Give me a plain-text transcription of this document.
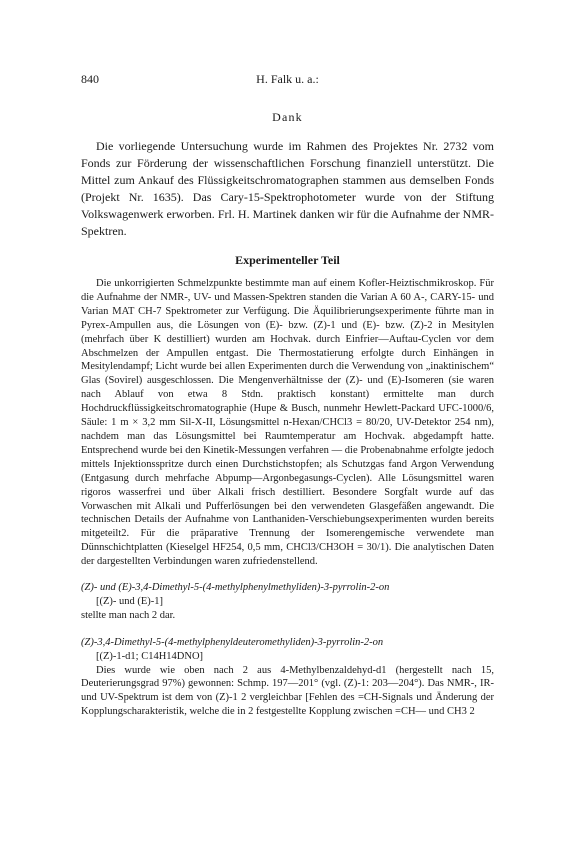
840	H. Falk u. a.:
Dank

Die vorliegende Untersuchung wurde im Rahmen des Projektes Nr. 2732 vom Fonds zur Förderung der wissenschaftlichen Forschung finanziell unterstützt. Die Mittel zum Ankauf des Flüssigkeitschromatographen stammen aus demselben Fonds (Projekt Nr. 1635). Das Cary-15-Spektrophotometer wurde von der Stiftung Volkswagenwerk erworben. Frl. H. Martinek danken wir für die Aufnahme der NMR-Spektren.

Experimenteller Teil

Die unkorrigierten Schmelzpunkte bestimmte man auf einem Kofler-Heiztischmikroskop. Für die Aufnahme der NMR-, UV- und Massen-Spektren standen die Varian A 60 A-, CARY-15- und Varian MAT CH-7 Spektrometer zur Verfügung. Die Äquilibrierungsexperimente führte man in Pyrex-Ampullen aus, die Lösungen von (E)- bzw. (Z)-1 und (E)- bzw. (Z)-2 in Mesitylen (mehrfach über K destilliert) wurden am Hochvak. durch Einfrier—Auftau-Cyclen vor dem Abschmelzen der Ampullen entgast. Die Thermostatierung erfolgte durch Einhängen in Mesitylendampf; Licht wurde bei allen Experimenten durch die Verwendung von „inaktinischem“ Glas (Sovirel) ausgeschlossen. Die Mengenverhältnisse der (Z)- und (E)-Isomeren (sie waren nach Ablauf von etwa 8 Stdn. praktisch konstant) ermittelte man durch Hochdruckflüssigkeitschromatographie (Hupe & Busch, nunmehr Hewlett-Packard UFC-1000/6, Säule: 1 m × 3,2 mm Sil-X-II, Lösungsmittel n-Hexan/CHCl3 = 80/20, UV-Detektor 254 nm), nachdem man das Lösungsmittel bei Raumtemperatur am Hochvak. abgedampft hatte. Entsprechend wurde bei den Kinetik-Messungen verfahren — die Probenabnahme erfolgte jedoch mittels Injektionsspritze durch einen Durchstichstopfen; als Schutzgas fand Argon Verwendung (Entgasung durch mehrfache Abpump—Argonbegasungs-Cyclen). Alle Lösungsmittel waren rigoros wasserfrei und über Alkali frisch destilliert. Besondere Sorgfalt wurde auf das Vorwaschen mit Alkali und Pufferlösungen bei den verwendeten Glasgefäßen angewandt. Die technischen Details der Aufnahme von Lanthaniden-Verschiebungsexperimenten wurden bereits mitgeteilt2. Für die präparative Trennung der Isomerengemische verwendete man Dünnschichtplatten (Kieselgel HF254, 0,5 mm, CHCl3/CH3OH = 30/1). Die analytischen Daten der dargestellten Verbindungen waren zufriedenstellend.

(Z)- und (E)-3,4-Dimethyl-5-(4-methylphenylmethyliden)-3-pyrrolin-2-on
[(Z)- und (E)-1]
stellte man nach 2 dar.
(Z)-3,4-Dimethyl-5-(4-methylphenyldeuteromethyliden)-3-pyrrolin-2-on
[(Z)-1-d1; C14H14DNO]

Dies wurde wie oben nach 2 aus 4-Methylbenzaldehyd-d1 (hergestellt nach 15, Deuterierungsgrad 97%) gewonnen: Schmp. 197—201° (vgl. (Z)-1: 203—204°). Das NMR-, IR- und UV-Spektrum ist dem von (Z)-1 2 vergleichbar [Fehlen des =CH-Signals und Änderung der Kopplungscharakteristik, welche die in 2 festgestellte Kopplung zwischen =CH— und CH3 2
